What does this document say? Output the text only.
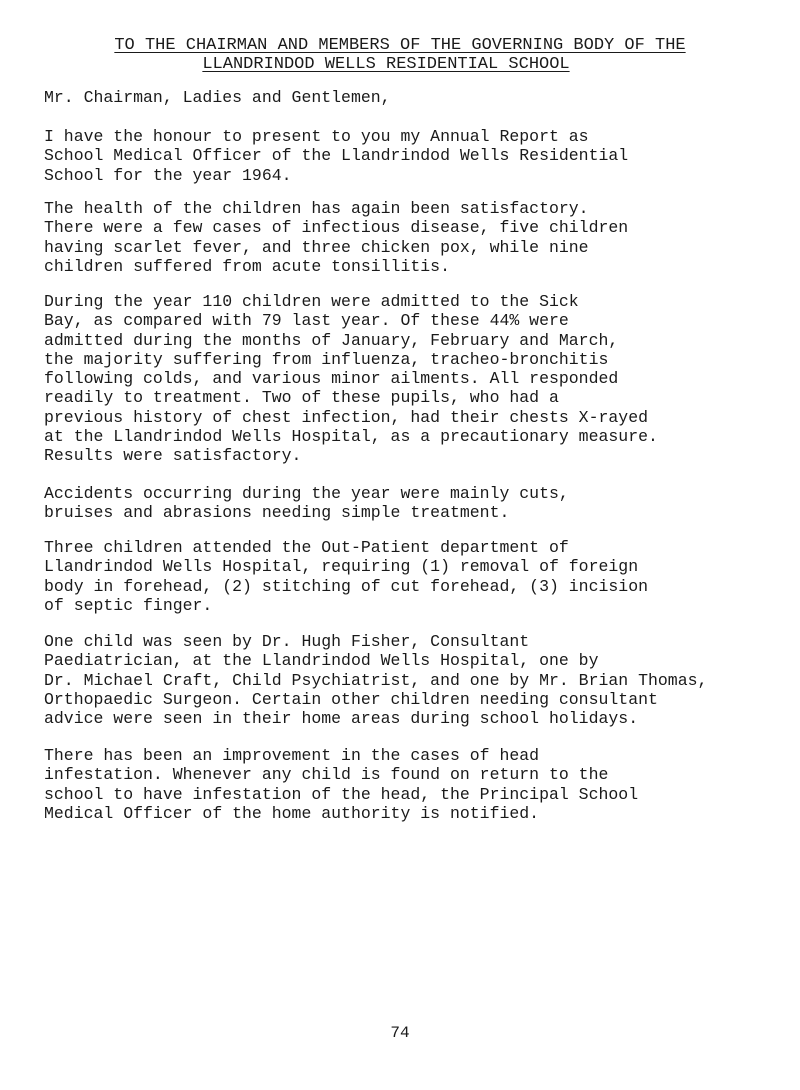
TO THE CHAIRMAN AND MEMBERS OF THE GOVERNING BODY OF THE
LLANDRINDOD WELLS RESIDENTIAL SCHOOL
Mr. Chairman, Ladies and Gentlemen,
I have the honour to present to you my Annual Report as
School Medical Officer of the Llandrindod Wells Residential
School for the year 1964.
The health of the children has again been satisfactory.
There were a few cases of infectious disease, five children
having scarlet fever, and three chicken pox, while nine
children suffered from acute tonsillitis.
During the year 110 children were admitted to the Sick
Bay, as compared with 79 last year. Of these 44% were
admitted during the months of January, February and March,
the majority suffering from influenza, tracheo-bronchitis
following colds, and various minor ailments. All responded
readily to treatment. Two of these pupils, who had a
previous history of chest infection, had their chests X-rayed
at the Llandrindod Wells Hospital, as a precautionary measure.
Results were satisfactory.
Accidents occurring during the year were mainly cuts,
bruises and abrasions needing simple treatment.
Three children attended the Out-Patient department of
Llandrindod Wells Hospital, requiring (1) removal of foreign
body in forehead, (2) stitching of cut forehead, (3) incision
of septic finger.
One child was seen by Dr. Hugh Fisher, Consultant
Paediatrician, at the Llandrindod Wells Hospital, one by
Dr. Michael Craft, Child Psychiatrist, and one by Mr. Brian Thomas,
Orthopaedic Surgeon. Certain other children needing consultant
advice were seen in their home areas during school holidays.
There has been an improvement in the cases of head
infestation. Whenever any child is found on return to the
school to have infestation of the head, the Principal School
Medical Officer of the home authority is notified.
74
